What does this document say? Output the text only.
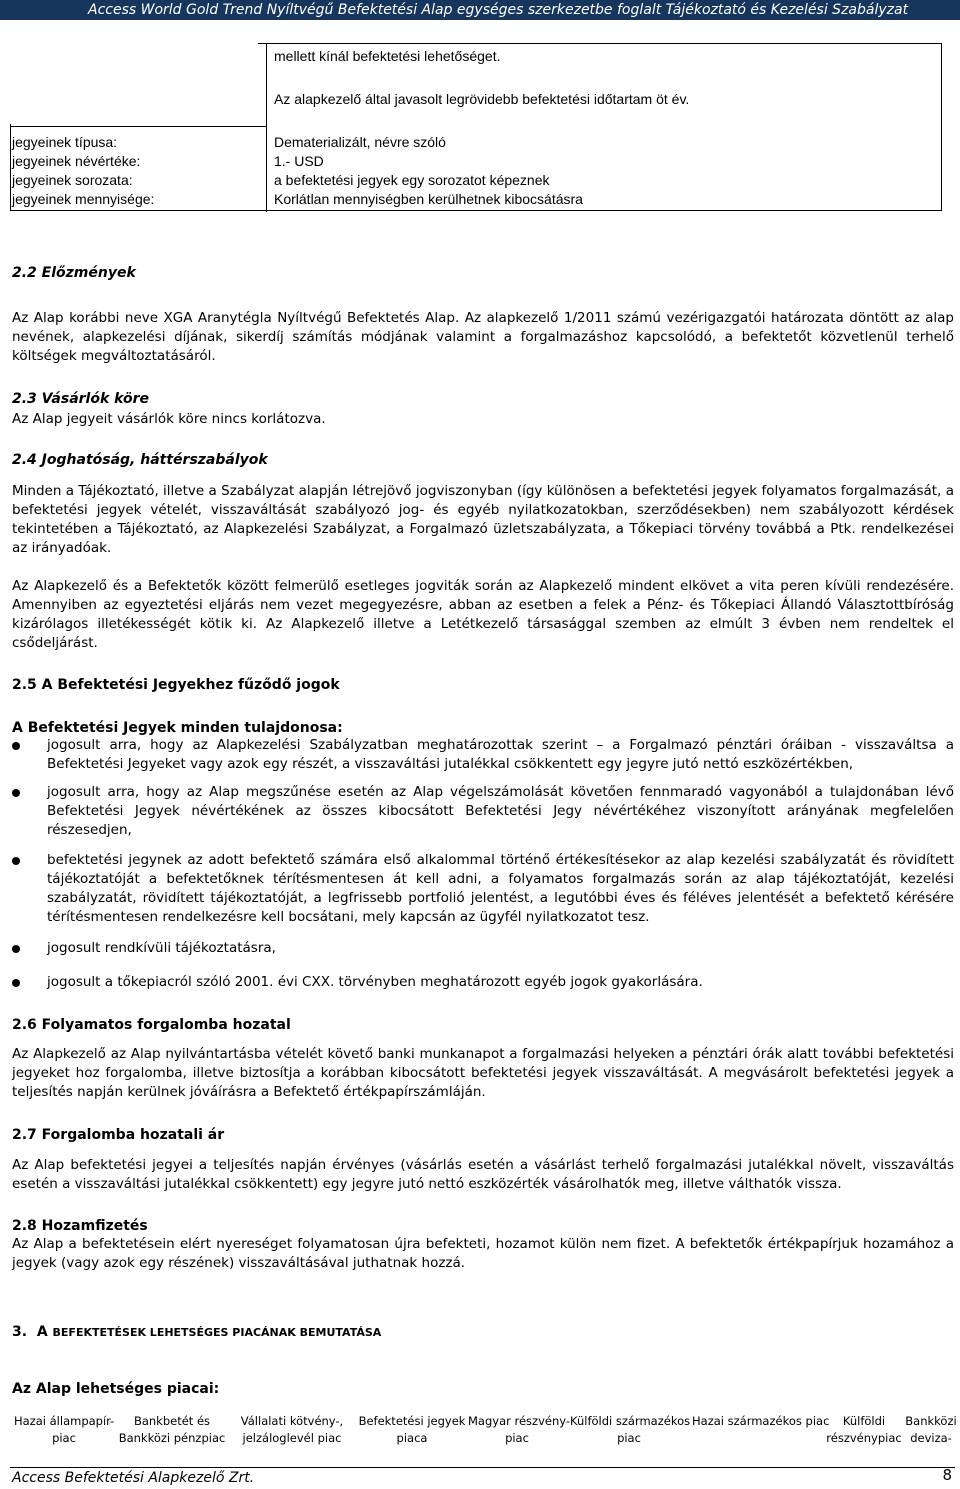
Access World Gold Trend Nyíltvégű Befektetési Alap egységes szerkezetbe foglalt Tájékoztató és Kezelési Szabályzat
mellett kínál befektetési lehetőséget.
Az alapkezelő által javasolt legrövidebb befektetési időtartam öt év.
jegyeinek típusa:
jegyeinek névértéke:
jegyeinek sorozata:
jegyeinek mennyisége:
Dematerializált, névre szóló
1.- USD
a befektetési jegyek egy sorozatot képeznek
Korlátlan mennyiségben kerülhetnek kibocsátásra
2.2 Előzmények
Az Alap korábbi neve XGA Aranytégla Nyíltvégű Befektetés Alap. Az alapkezelő 1/2011 számú vezérigazgatói határozata döntött az alap nevének, alapkezelési díjának, sikerdíj számítás módjának valamint a forgalmazáshoz kapcsolódó, a befektetőt közvetlenül terhelő költségek megváltoztatásáról.
2.3 Vásárlók köre
Az Alap jegyeit vásárlók köre nincs korlátozva.
2.4 Joghatóság, háttérszabályok
Minden a Tájékoztató, illetve a Szabályzat alapján létrejövő jogviszonyban (így különösen a befektetési jegyek folyamatos forgalmazását, a befektetési jegyek vételét, visszaváltását szabályozó jog- és egyéb nyilatkozatokban, szerződésekben) nem szabályozott kérdések tekintetében a Tájékoztató, az Alapkezelési Szabályzat, a Forgalmazó üzletszabályzata, a Tőkepiaci törvény továbbá a Ptk. rendelkezései az irányadóak.
Az Alapkezelő és a Befektetők között felmerülő esetleges jogviták során az Alapkezelő mindent elkövet a vita peren kívüli rendezésére. Amennyiben az egyeztetési eljárás nem vezet megegyezésre, abban az esetben a felek a Pénz- és Tőkepiaci Állandó Választottbíróság kizárólagos illetékességét kötik ki. Az Alapkezelő illetve a Letétkezelő társasággal szemben az elmúlt 3 évben nem rendeltek el csődeljárást.
2.5 A Befektetési Jegyekhez fűződő jogok
A Befektetési Jegyek minden tulajdonosa:
jogosult arra, hogy az Alapkezelési Szabályzatban meghatározottak szerint – a Forgalmazó pénztári óráiban - visszaváltsa a Befektetési Jegyeket vagy azok egy részét, a visszaváltási jutalékkal csökkentett egy jegyre jutó nettó eszközértékben,
jogosult arra, hogy az Alap megszűnése esetén az Alap végelszámolását követően fennmaradó vagyonából a tulajdonában lévő Befektetési Jegyek névértékének az összes kibocsátott Befektetési Jegy névértékéhez viszonyított arányának megfelelően részesedjen,
befektetési jegynek az adott befektető számára első alkalommal történő értékesítésekor az alap kezelési szabályzatát és rövidített tájékoztatóját a befektetőknek térítésmentesen át kell adni, a folyamatos forgalmazás során az alap tájékoztatóját, kezelési szabályzatát, rövidített tájékoztatóját, a legfrissebb portfolió jelentést, a legutóbbi éves és féléves jelentését a befektető kérésére térítésmentesen rendelkezésre kell bocsátani, mely kapcsán az ügyfél nyilatkozatot tesz.
jogosult rendkívüli tájékoztatásra,
jogosult a tőkepiacról szóló 2001. évi CXX. törvényben meghatározott egyéb jogok gyakorlására.
2.6 Folyamatos forgalomba hozatal
Az Alapkezelő az Alap nyilvántartásba vételét követő banki munkanapot a forgalmazási helyeken a pénztári órák alatt további befektetési jegyeket hoz forgalomba, illetve biztosítja a korábban kibocsátott befektetési jegyek visszaváltását. A megvásárolt befektetési jegyek a teljesítés napján kerülnek jóváírásra a Befektető értékpapírszámláján.
2.7 Forgalomba hozatali ár
Az Alap befektetési jegyei a teljesítés napján érvényes (vásárlás esetén a vásárlást terhelő forgalmazási jutalékkal növelt, visszaváltás esetén a visszaváltási jutalékkal csökkentett) egy jegyre jutó nettó eszközérték vásárolhatók meg, illetve válthatók vissza.
2.8 Hozamfizetés
Az Alap a befektetésein elért nyereséget folyamatosan újra befekteti, hozamot külön nem fizet. A befektetők értékpapírjuk hozamához a jegyek (vagy azok egy részének) visszaváltásával juthatnak hozzá.
3. A BEFEKTETÉSEK LEHETSÉGES PIACÁNAK BEMUTATÁSA
Az Alap lehetséges piacai:
Hazai állampapír-
piac
Bankbetét és
Bankközi pénzpiac
Vállalati kötvény-,
jelzáloglevél piac
Befektetési jegyek
piaca
Magyar részvény-
piac
Külföldi származékos
piac
Hazai származékos piac	Külföldi
részvénypiac
Bankközi
deviza-
Access Befektetési Alapkezelő Zrt.	8
